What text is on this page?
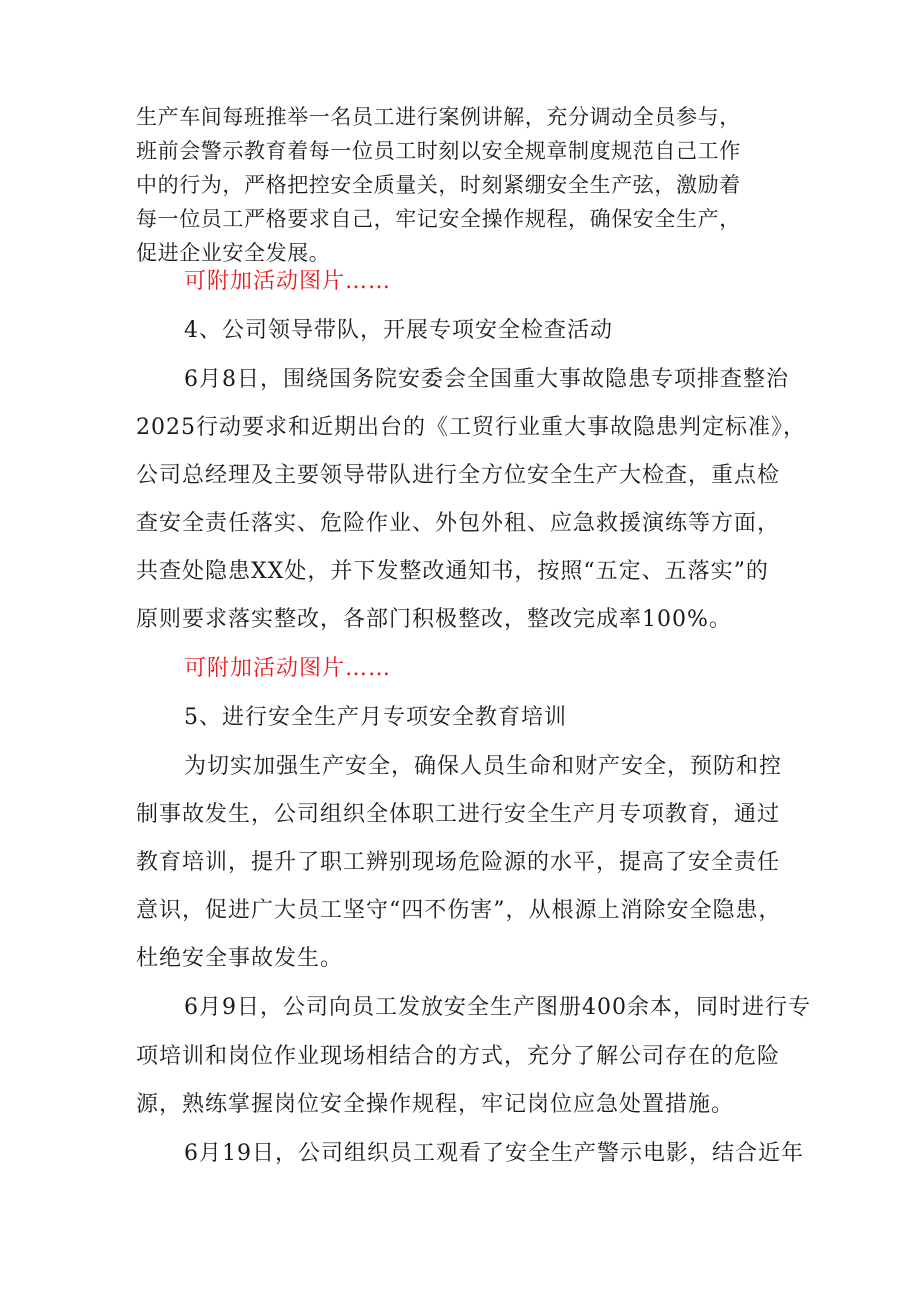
生产车间每班推举一名员工进行案例讲解，充分调动全员参与，
班前会警示教育着每一位员工时刻以安全规章制度规范自己工作
中的行为，严格把控安全质量关，时刻紧绷安全生产弦，激励着
每一位员工严格要求自己，牢记安全操作规程，确保安全生产，
促进企业安全发展。
可附加活动图片……
4、公司领导带队，开展专项安全检查活动
6月8日，围绕国务院安委会全国重大事故隐患专项排查整治
2025行动要求和近期出台的《工贸行业重大事故隐患判定标准》，
公司总经理及主要领导带队进行全方位安全生产大检查，重点检
查安全责任落实、危险作业、外包外租、应急救援演练等方面，
共查处隐患XX处，并下发整改通知书，按照“五定、五落实”的
原则要求落实整改，各部门积极整改，整改完成率100%。
可附加活动图片……
5、进行安全生产月专项安全教育培训
为切实加强生产安全，确保人员生命和财产安全，预防和控
制事故发生，公司组织全体职工进行安全生产月专项教育，通过
教育培训，提升了职工辨别现场危险源的水平，提高了安全责任
意识，促进广大员工坚守“四不伤害”，从根源上消除安全隐患，
杜绝安全事故发生。
6月9日，公司向员工发放安全生产图册400余本，同时进行专
项培训和岗位作业现场相结合的方式，充分了解公司存在的危险
源，熟练掌握岗位安全操作规程，牢记岗位应急处置措施。
6月19日，公司组织员工观看了安全生产警示电影，结合近年
